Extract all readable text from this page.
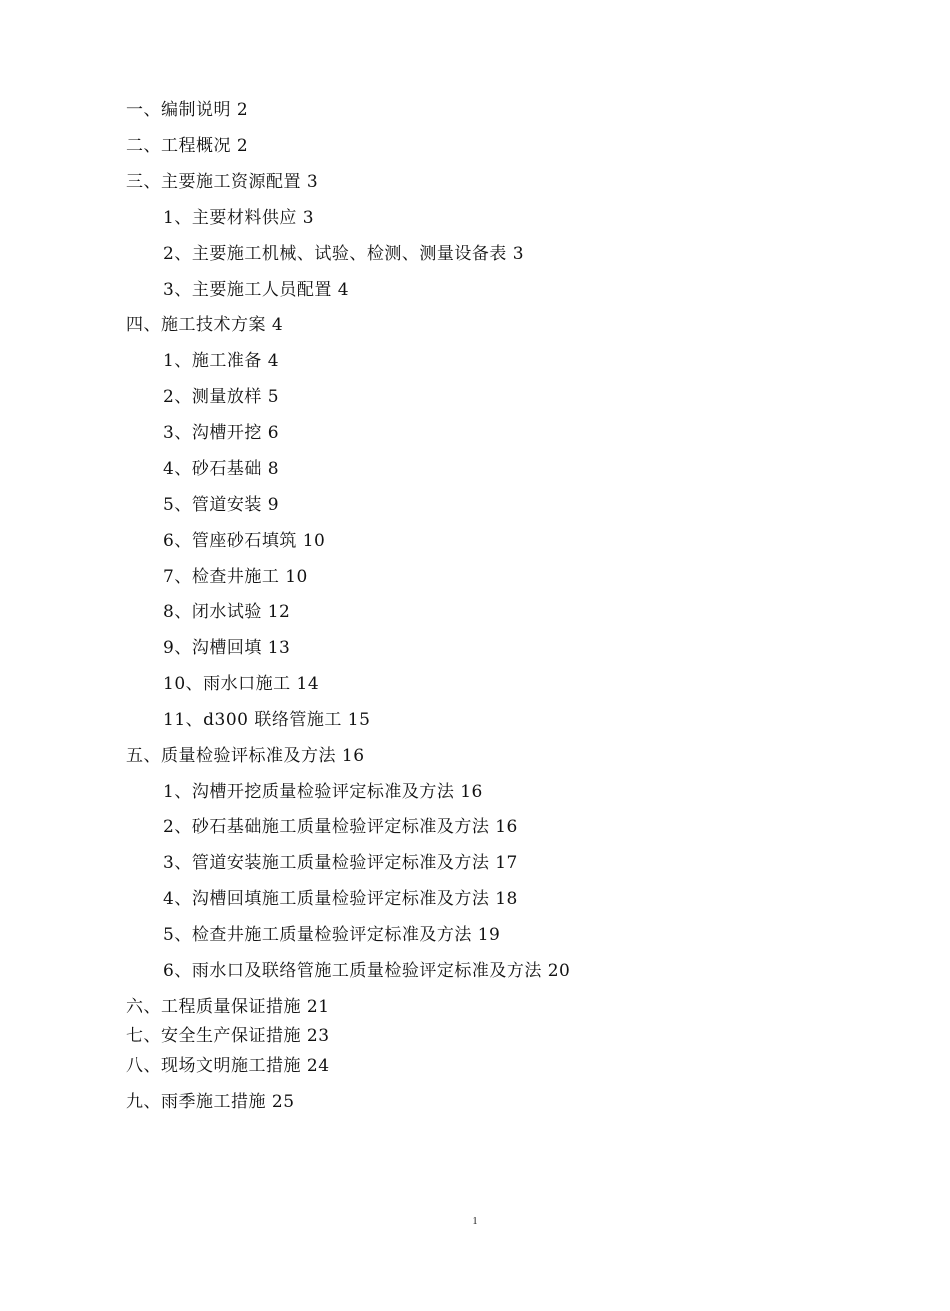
一、编制说明 2
二、工程概况 2
三、主要施工资源配置 3
1、主要材料供应 3
2、主要施工机械、试验、检测、测量设备表 3
3、主要施工人员配置 4
四、施工技术方案 4
1、施工准备 4
2、测量放样 5
3、沟槽开挖 6
4、砂石基础 8
5、管道安装 9
6、管座砂石填筑 10
7、检查井施工 10
8、闭水试验 12
9、沟槽回填 13
10、雨水口施工 14
11、d300 联络管施工 15
五、质量检验评标准及方法 16
1、沟槽开挖质量检验评定标准及方法 16
2、砂石基础施工质量检验评定标准及方法 16
3、管道安装施工质量检验评定标准及方法 17
4、沟槽回填施工质量检验评定标准及方法 18
5、检查井施工质量检验评定标准及方法 19
6、雨水口及联络管施工质量检验评定标准及方法 20
六、工程质量保证措施 21
七、安全生产保证措施 23
八、现场文明施工措施 24
九、雨季施工措施 25
1
